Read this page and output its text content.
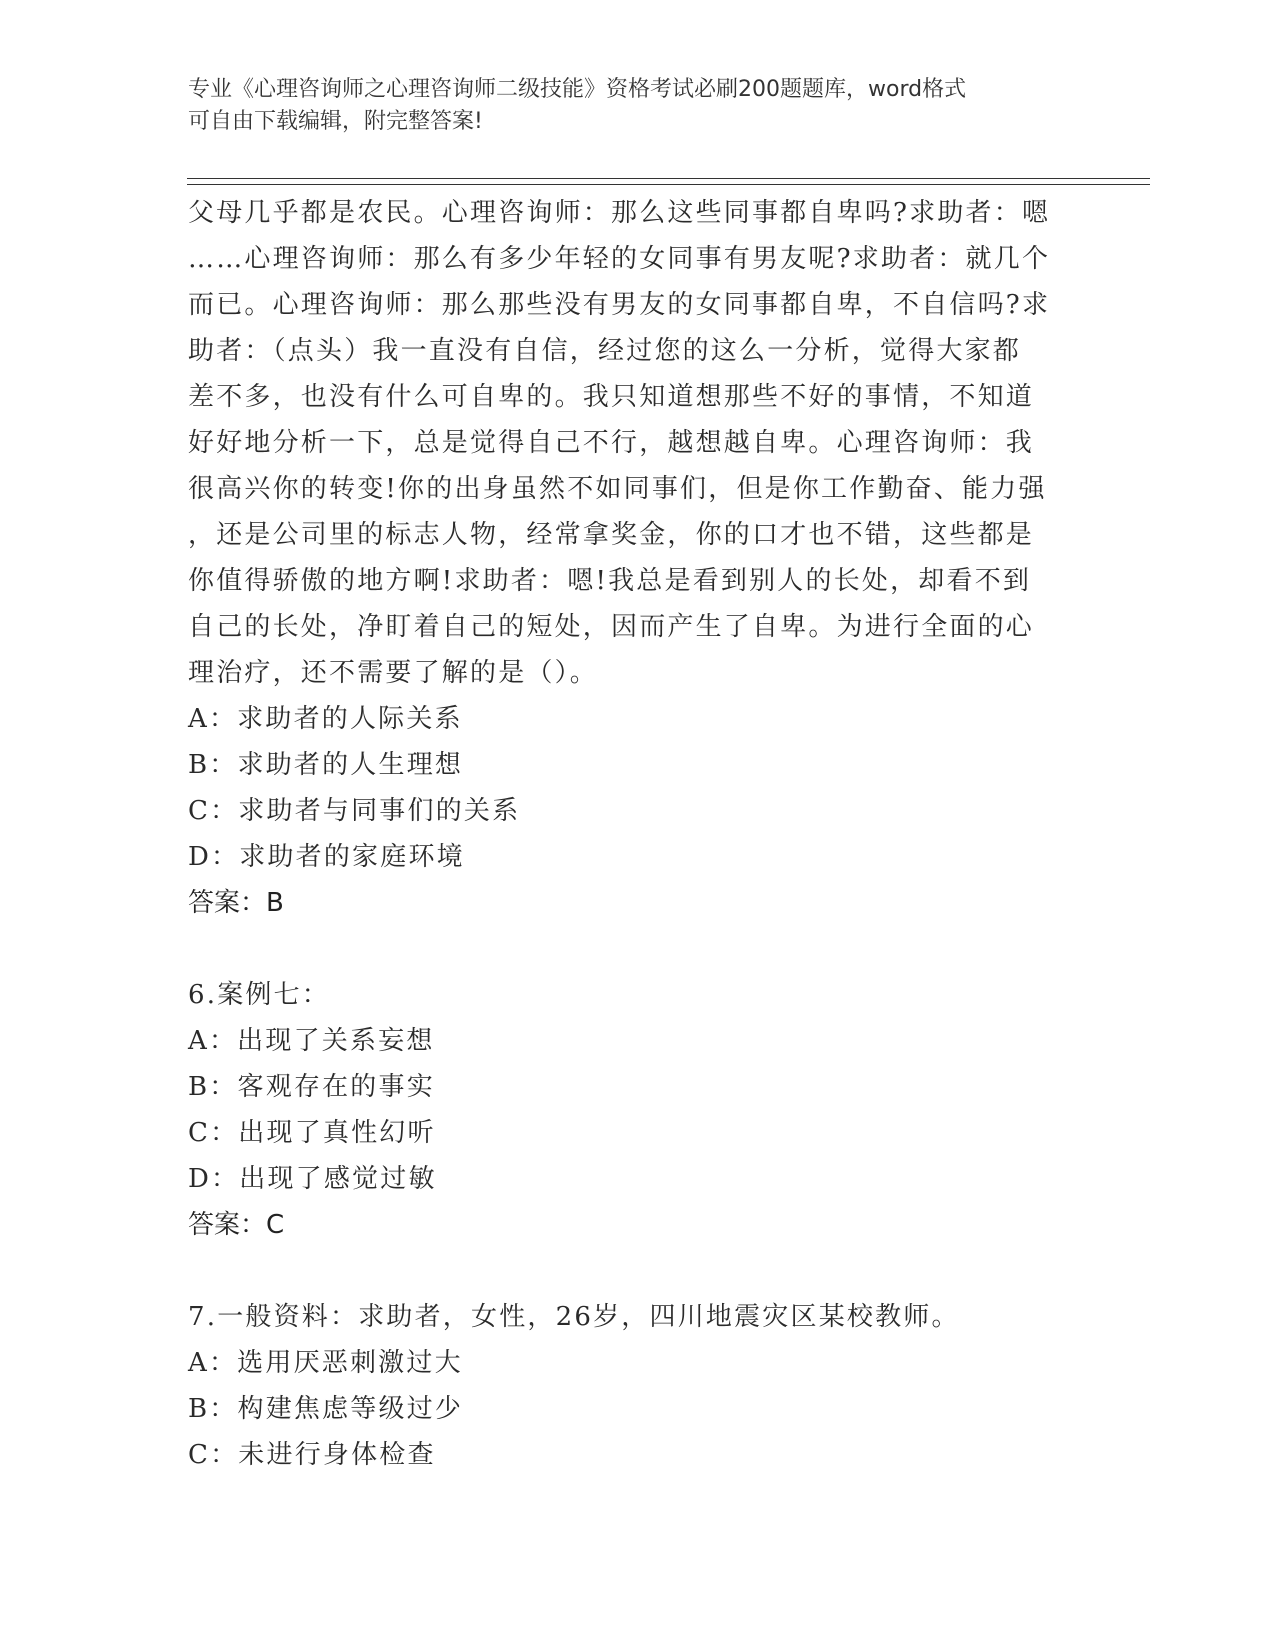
专业《心理咨询师之心理咨询师二级技能》资格考试必刷200题题库，word格式
可自由下载编辑，附完整答案!
父母几乎都是农民。心理咨询师：那么这些同事都自卑吗?求助者：嗯
……心理咨询师：那么有多少年轻的女同事有男友呢?求助者：就几个
而已。心理咨询师：那么那些没有男友的女同事都自卑，不自信吗?求
助者：（点头）我一直没有自信，经过您的这么一分析，觉得大家都
差不多，也没有什么可自卑的。我只知道想那些不好的事情，不知道
好好地分析一下，总是觉得自己不行，越想越自卑。心理咨询师：我
很高兴你的转变!你的出身虽然不如同事们，但是你工作勤奋、能力强
，还是公司里的标志人物，经常拿奖金，你的口才也不错，这些都是
你值得骄傲的地方啊!求助者：嗯!我总是看到别人的长处，却看不到
自己的长处，净盯着自己的短处，因而产生了自卑。为进行全面的心
理治疗，还不需要了解的是（）。
A：求助者的人际关系
B：求助者的人生理想
C：求助者与同事们的关系
D：求助者的家庭环境
答案：B
6.案例七：
A：出现了关系妄想
B：客观存在的事实
C：出现了真性幻听
D：出现了感觉过敏
答案：C
7.一般资料：求助者，女性，26岁，四川地震灾区某校教师。
A：选用厌恶刺激过大
B：构建焦虑等级过少
C：未进行身体检查
